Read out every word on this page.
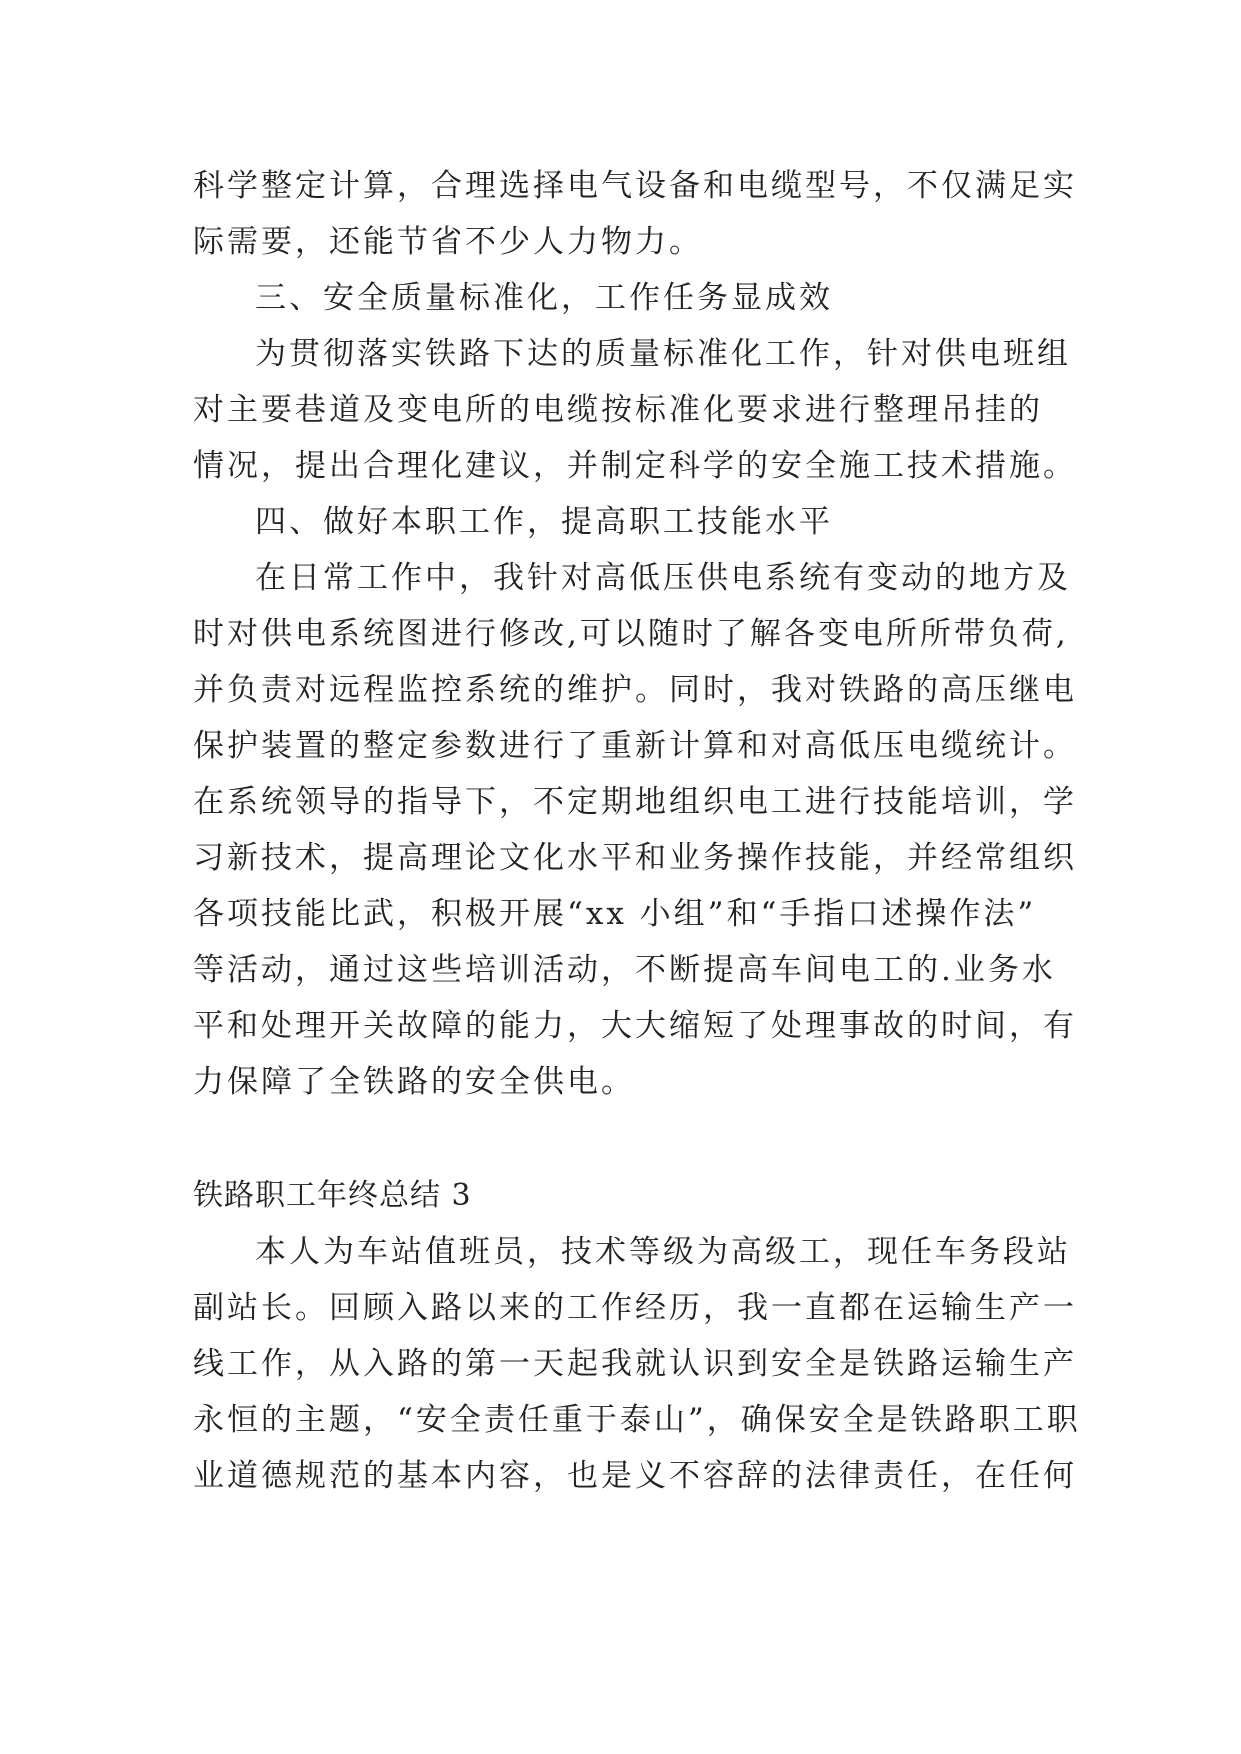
科学整定计算，合理选择电气设备和电缆型号，不仅满足实
际需要，还能节省不少人力物力。
三、安全质量标准化，工作任务显成效
为贯彻落实铁路下达的质量标准化工作，针对供电班组
对主要巷道及变电所的电缆按标准化要求进行整理吊挂的
情况，提出合理化建议，并制定科学的安全施工技术措施。
四、做好本职工作，提高职工技能水平
在日常工作中，我针对高低压供电系统有变动的地方及
时对供电系统图进行修改,可以随时了解各变电所所带负荷,
并负责对远程监控系统的维护。同时，我对铁路的高压继电
保护装置的整定参数进行了重新计算和对高低压电缆统计。
在系统领导的指导下，不定期地组织电工进行技能培训，学
习新技术，提高理论文化水平和业务操作技能，并经常组织
各项技能比武，积极开展“xx 小组”和“手指口述操作法”
等活动，通过这些培训活动，不断提高车间电工的.业务水
平和处理开关故障的能力，大大缩短了处理事故的时间，有
力保障了全铁路的安全供电。
铁路职工年终总结 3
本人为车站值班员，技术等级为高级工，现任车务段站
副站长。回顾入路以来的工作经历，我一直都在运输生产一
线工作，从入路的第一天起我就认识到安全是铁路运输生产
永恒的主题，“安全责任重于泰山”，确保安全是铁路职工职
业道德规范的基本内容，也是义不容辞的法律责任，在任何
